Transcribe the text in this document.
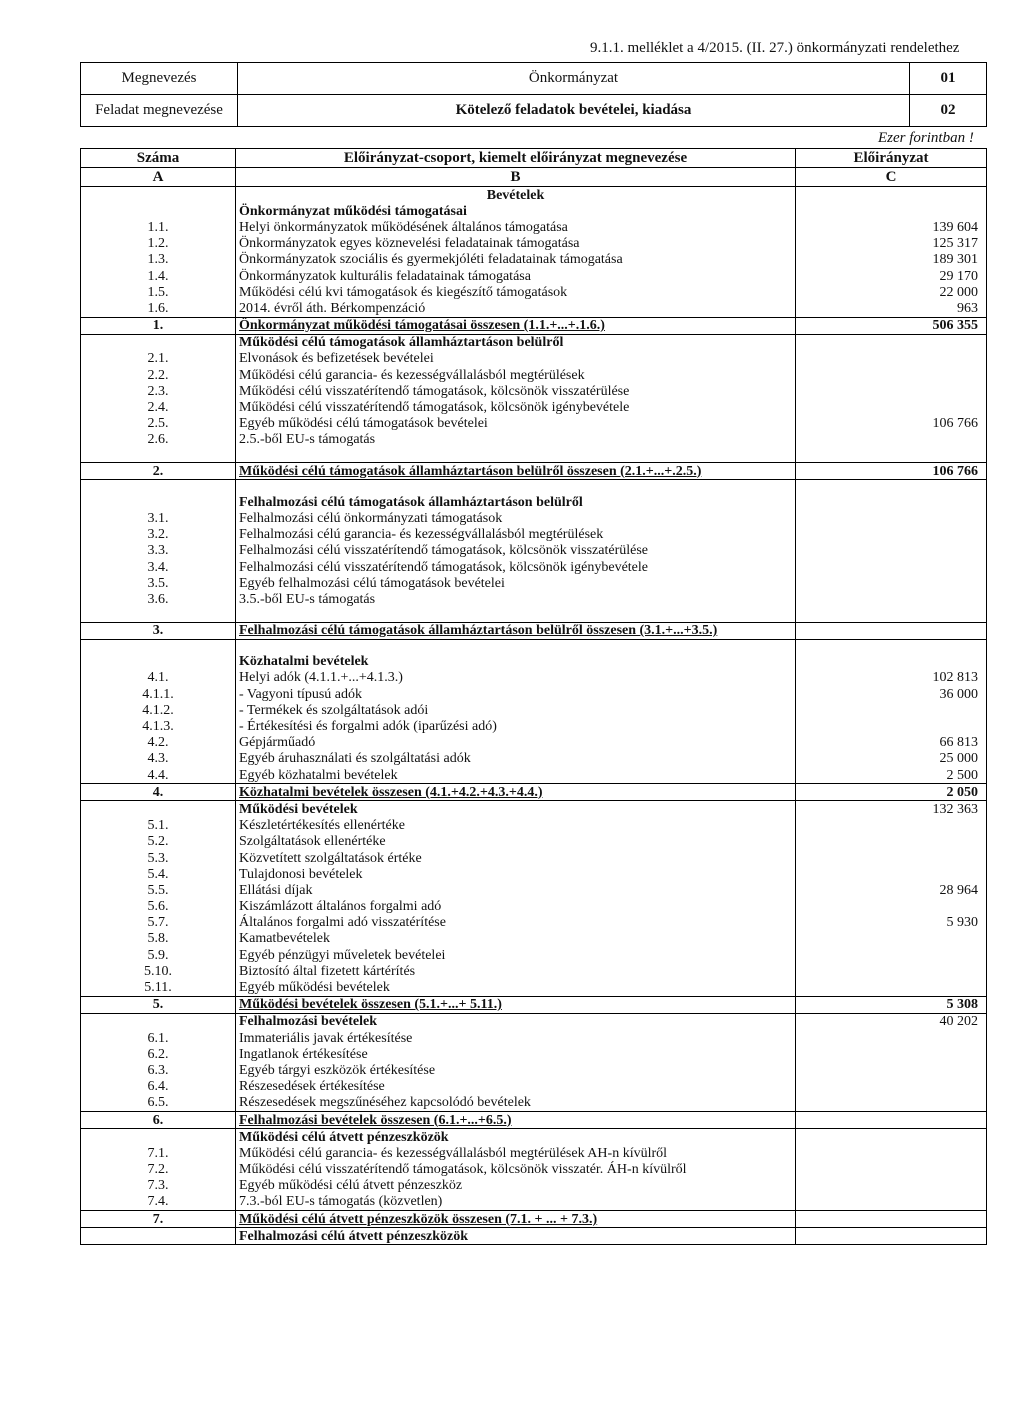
9.1.1. melléklet a 4/2015. (II. 27.) önkormányzati rendelethez
Megnevezés	Önkormányzat	01
Feladat megnevezése	Kötelező feladatok bevételei, kiadása	02
Ezer forintban !
Száma	Előirányzat-csoport, kiemelt előirányzat megnevezése	Előirányzat
A	B	C
	Bevételek	
	Önkormányzat működési támogatásai	
1.1.	Helyi önkormányzatok működésének általános támogatása	139 604
1.2.	Önkormányzatok egyes köznevelési feladatainak támogatása	125 317
1.3.	Önkormányzatok szociális és gyermekjóléti feladatainak támogatása	189 301
1.4.	Önkormányzatok kulturális feladatainak támogatása	29 170
1.5.	Működési célú kvi támogatások és kiegészítő támogatások	22 000
1.6.	2014. évről áth. Bérkompenzáció	963
1.	Önkormányzat működési támogatásai összesen (1.1.+...+.1.6.)	506 355
	Működési célú támogatások államháztartáson belülről	
2.1.	Elvonások és befizetések bevételei	
2.2.	Működési célú garancia- és kezességvállalásból megtérülések	
2.3.	Működési célú visszatérítendő támogatások, kölcsönök visszatérülése	
2.4.	Működési célú visszatérítendő támogatások, kölcsönök igénybevétele	
2.5.	Egyéb működési célú támogatások bevételei	106 766
2.6.	2.5.-ből EU-s támogatás	

2.	Működési célú támogatások államháztartáson belülről összesen (2.1.+...+.2.5.)	106 766

	Felhalmozási célú támogatások államháztartáson belülről	
3.1.	Felhalmozási célú önkormányzati támogatások	
3.2.	Felhalmozási célú garancia- és kezességvállalásból megtérülések	
3.3.	Felhalmozási célú visszatérítendő támogatások, kölcsönök visszatérülése	
3.4.	Felhalmozási célú visszatérítendő támogatások, kölcsönök igénybevétele	
3.5.	Egyéb felhalmozási célú támogatások bevételei	
3.6.	3.5.-ből EU-s támogatás	

3.	Felhalmozási célú támogatások államháztartáson belülről összesen (3.1.+...+3.5.)	

	Közhatalmi bevételek	
4.1.	Helyi adók (4.1.1.+...+4.1.3.)	102 813
4.1.1.	- Vagyoni típusú adók	36 000
4.1.2.	- Termékek és szolgáltatások adói	
4.1.3.	- Értékesítési és forgalmi adók (iparűzési adó)	
4.2.	Gépjárműadó	66 813
4.3.	Egyéb áruhasználati és szolgáltatási adók	25 000
4.4.	Egyéb közhatalmi bevételek	2 500
4.	Közhatalmi bevételek összesen (4.1.+4.2.+4.3.+4.4.)	2 050
	Működési bevételek	132 363
5.1.	Készletértékesítés ellenértéke	
5.2.	Szolgáltatások ellenértéke	
5.3.	Közvetített szolgáltatások értéke	
5.4.	Tulajdonosi bevételek	
5.5.	Ellátási díjak	28 964
5.6.	Kiszámlázott általános forgalmi adó	
5.7.	Általános forgalmi adó visszatérítése	5 930
5.8.	Kamatbevételek	
5.9.	Egyéb pénzügyi műveletek bevételei	
5.10.	Biztosító által fizetett kártérítés	
5.11.	Egyéb működési bevételek	
5.	Működési bevételek összesen (5.1.+...+ 5.11.)	5 308
	Felhalmozási bevételek	40 202
6.1.	Immateriális javak értékesítése	
6.2.	Ingatlanok értékesítése	
6.3.	Egyéb tárgyi eszközök értékesítése	
6.4.	Részesedések értékesítése	
6.5.	Részesedések megszűnéséhez kapcsolódó bevételek	
6.	Felhalmozási bevételek összesen (6.1.+...+6.5.)	
	Működési célú átvett pénzeszközök	
7.1.	Működési célú garancia- és kezességvállalásból megtérülések AH-n kívülről	
7.2.	Működési célú visszatérítendő támogatások, kölcsönök visszatér. ÁH-n kívülről	
7.3.	Egyéb működési célú átvett pénzeszköz	
7.4.	7.3.-ból EU-s támogatás (közvetlen)	
7.	Működési célú átvett pénzeszközök összesen (7.1. + ... + 7.3.)	
	Felhalmozási célú átvett pénzeszközök	
